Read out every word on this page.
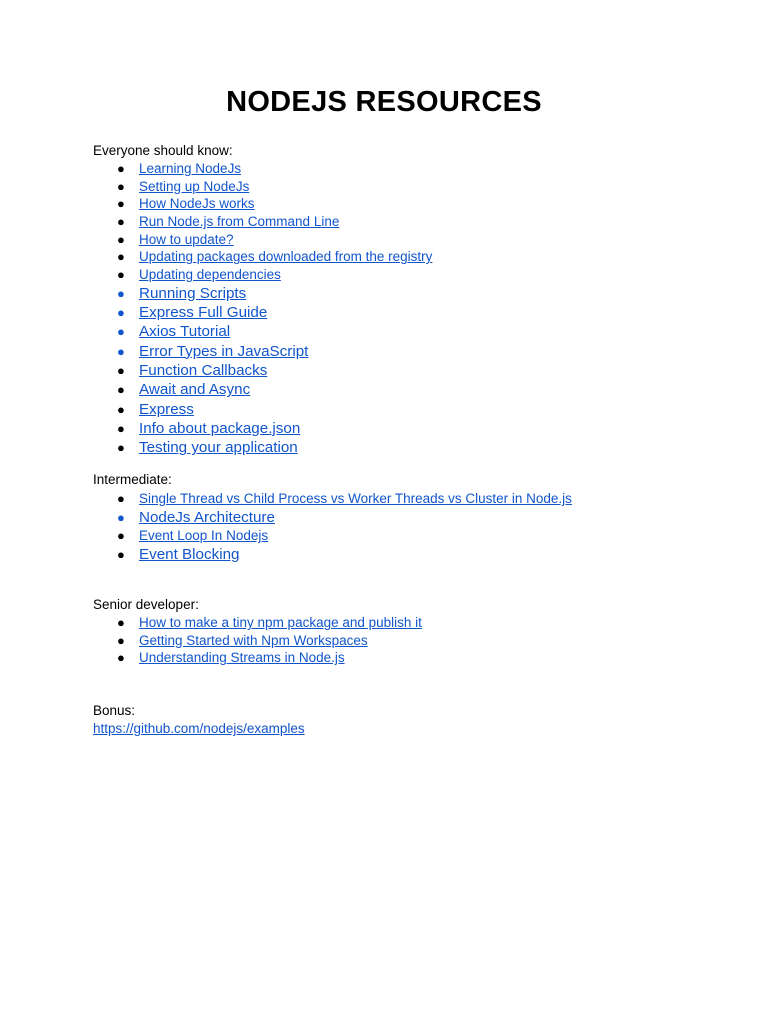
NODEJS RESOURCES

Everyone should know:

● Learning NodeJs
● Setting up NodeJs
● How NodeJs works
● Run Node.js from Command Line
● How to update?
● Updating packages downloaded from the registry
● Updating dependencies
● Running Scripts
● Express Full Guide
● Axios Tutorial
● Error Types in JavaScript
● Function Callbacks
● Await and Async
● Express
● Info about package.json
● Testing your application

Intermediate:

● Single Thread vs Child Process vs Worker Threads vs Cluster in Node.js
● NodeJs Architecture
● Event Loop In Nodejs
● Event Blocking

Senior developer:

● How to make a tiny npm package and publish it
● Getting Started with Npm Workspaces
● Understanding Streams in Node.js

Bonus:

https://github.com/nodejs/examples
